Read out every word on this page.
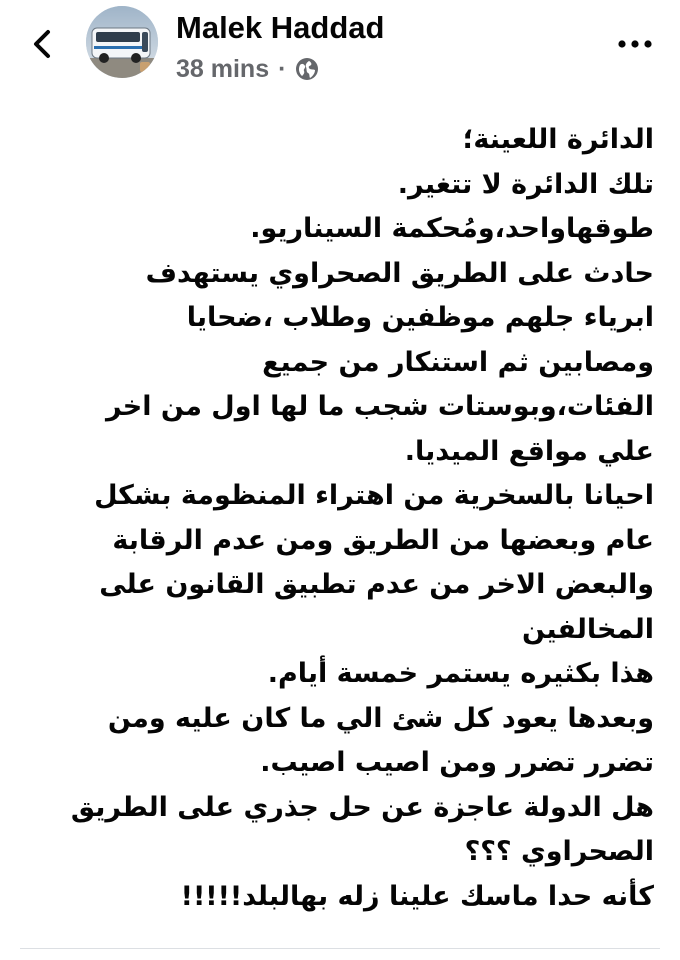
Malek Haddad
38 mins ·
الدائرة اللعينة؛
تلك الدائرة لا تتغير.
طوقهاواحد،ومُحكمة السيناريو.
حادث على الطريق الصحراوي يستهدف
ابرياء جلهم موظفين وطلاب ،ضحايا
ومصابين ثم استنكار من جميع
الفئات،وبوستات شجب ما لها اول من اخر
علي مواقع الميديا.
احيانا بالسخرية من اهتراء المنظومة بشكل
عام وبعضها من الطريق ومن عدم الرقابة
والبعض الاخر من عدم تطبيق القانون على
المخالفين
هذا بكثيره يستمر خمسة أيام.
وبعدها يعود كل شئ الي ما كان عليه ومن
تضرر تضرر ومن اصيب اصيب.
هل الدولة عاجزة عن حل جذري على الطريق
الصحراوي ؟؟؟
كأنه حدا ماسك علينا زله بهالبلد!!!!!
